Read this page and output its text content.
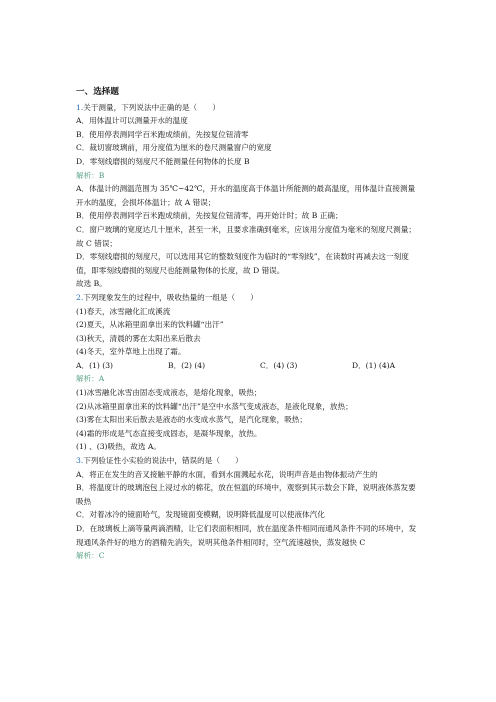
一、选择题
1.关于测量，下列说法中正确的是（　　）
A．用体温计可以测量开水的温度
B．使用停表测同学百米跑成绩前，先按复位钮清零
C．裁切窗玻璃前，用分度值为厘米的卷尺测量窗户的宽度
D．零刻线磨损的刻度尺不能测量任何物体的长度 B
解析：B
A．体温计的测温范围为 35℃~42℃，开水的温度高于体温计所能测的最高温度，用体温计直接测量开水的温度，会损坏体温计；故 A 错误；
B．使用停表测同学百米跑成绩前，先按复位钮清零，再开始计时；故 B 正确；
C．窗户玻璃的宽度达几十厘米，甚至一米，且要求准确到毫米，应该用分度值为毫米的刻度尺测量；故 C 错误；
D．零刻线磨损的刻度尺，可以选用其它的整数刻度作为临时的“零刻线”，在读数时再减去这一刻度值，即零刻线磨损的刻度尺也能测量物体的长度，故 D 错误。
故选 B。
2.下列现象发生的过程中，吸收热量的一组是（　　）
(1)春天，冰雪融化汇成溪流
(2)夏天，从冰箱里面拿出来的饮料罐“出汗”
(3)秋天，清晨的雾在太阳出来后散去
(4)冬天，室外草地上出现了霜。
A．(1) (3)	B．(2) (4)	C．(4) (3)	D．(1) (4)A
解析：A
(1)冰雪融化冰雪由固态变成液态，是熔化现象，吸热；
(2)从冰箱里面拿出来的饮料罐“出汗”是空中水蒸气变成液态，是液化现象，放热；
(3)雾在太阳出来后散去是液态的水变成水蒸气，是汽化现象，吸热；
(4)霜的形成是气态直接变成固态，是凝华现象，放热。
(1) 、(3)吸热，故选 A。
3.下列验证性小实验的说法中，错误的是（　　）
A．将正在发生的音叉接触平静的水面，看到水面溅起水花，说明声音是由物体振动产生的
B．将温度计的玻璃泡包上浸过水的棉花，放在恒温的环境中，观察到其示数会下降，说明液体蒸发要吸热
C．对着冰冷的镜面哈气，发现镜面变模糊，说明降低温度可以使液体汽化
D．在玻璃板上滴等量两滴酒精，让它们表面积相同，放在温度条件相同而通风条件不同的环境中，发现通风条件好的地方的酒精先消失，说明其他条件相同时，空气流速越快，蒸发越快 C
解析：C
